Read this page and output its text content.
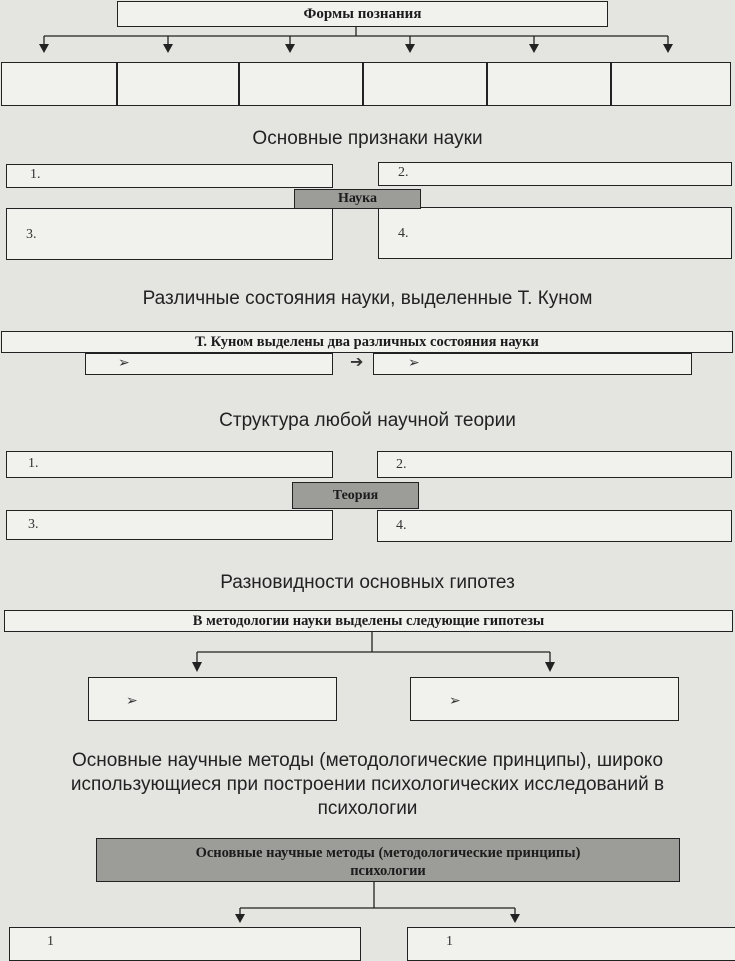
Формы познания
Основные признаки науки
1.	2.
3.	4.
Наука
Различные состояния науки, выделенные Т. Куном
Т. Куном выделены два различных состояния науки
➢	➔	➢
Структура любой научной теории
1.	2.
3.	4.
Теория
Разновидности основных гипотез
В методологии науки выделены следующие гипотезы
➢	➢
Основные научные методы (методологические принципы), широко
использующиеся при построении психологических исследований в
психологии
Основные научные методы (методологические принципы)
психологии
1	1
